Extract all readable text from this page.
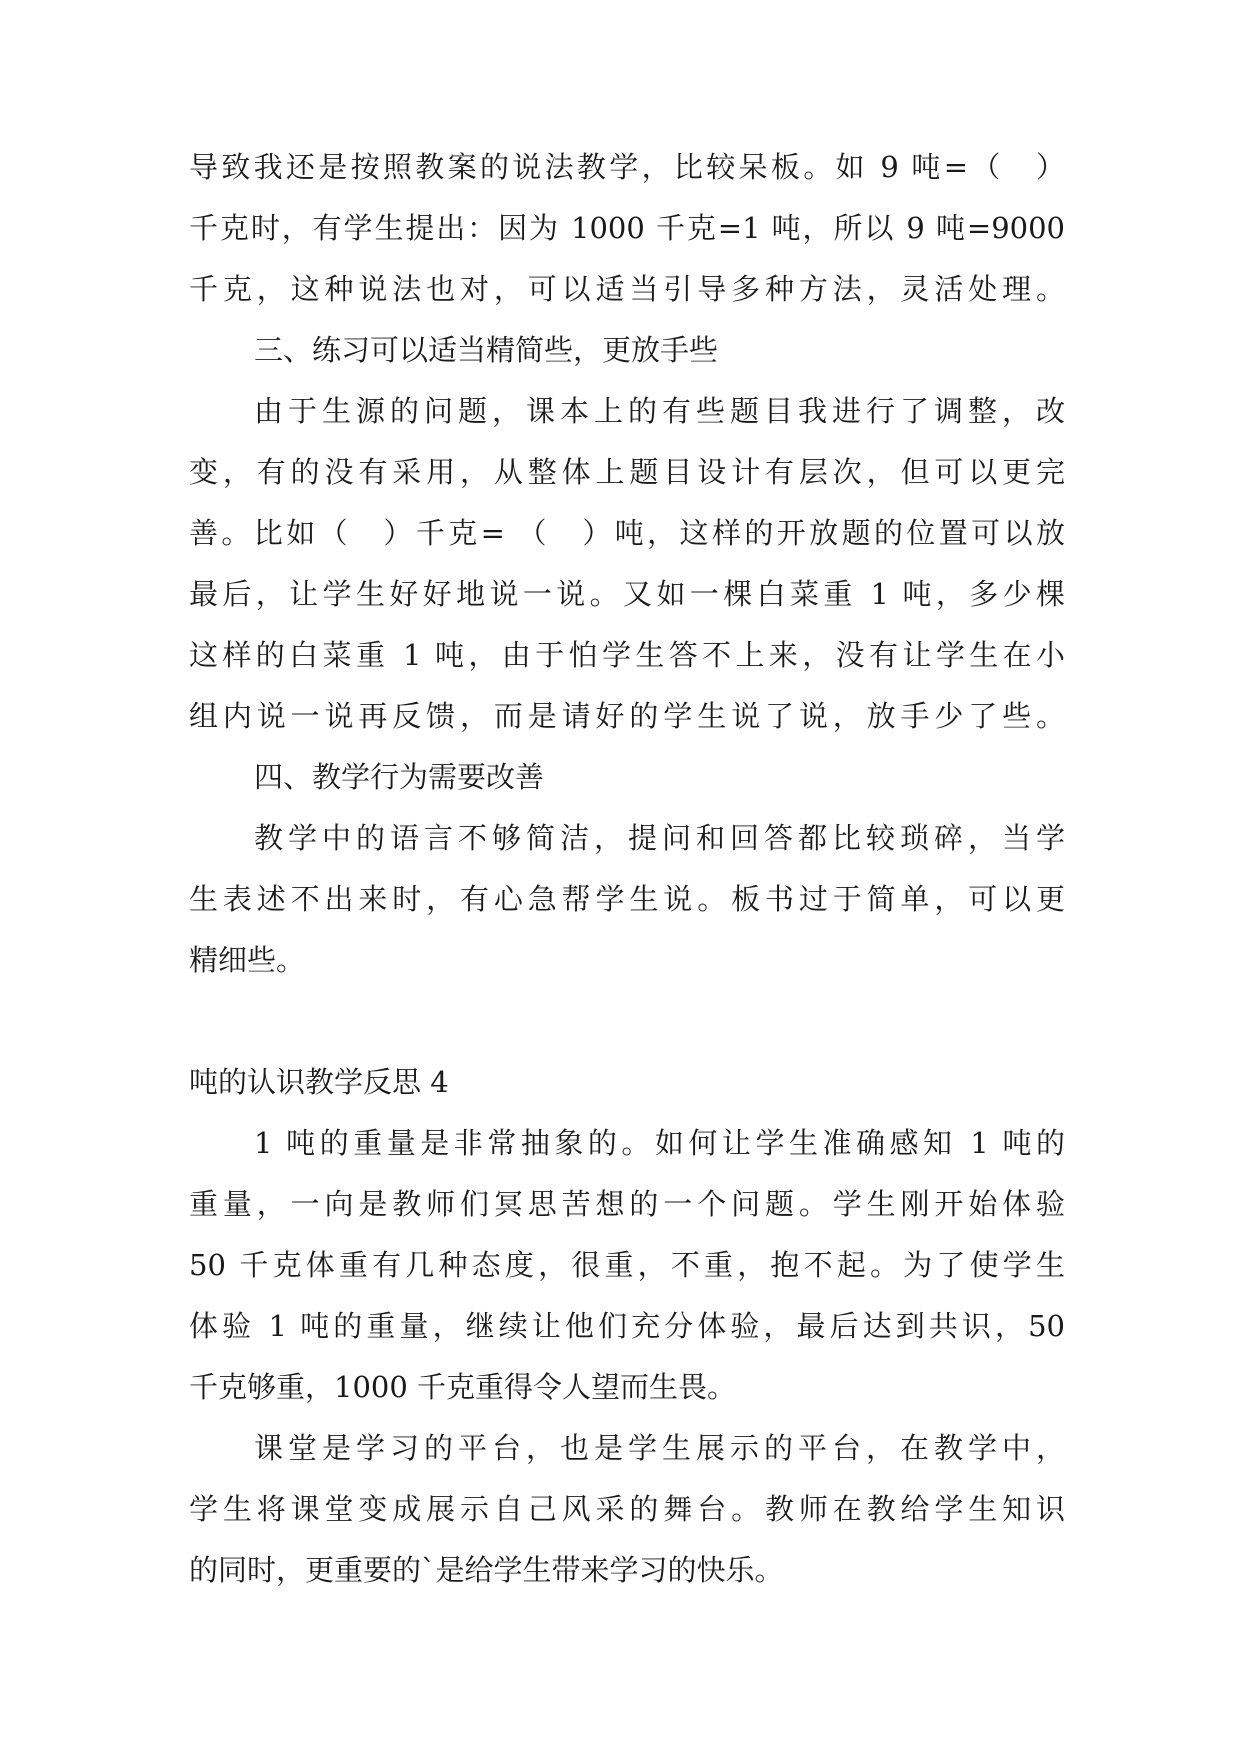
导致我还是按照教案的说法教学，比较呆板。如 9 吨=（　）
千克时，有学生提出：因为 1000 千克=1 吨，所以 9 吨=9000
千克，这种说法也对，可以适当引导多种方法，灵活处理。
三、练习可以适当精简些，更放手些
由于生源的问题，课本上的有些题目我进行了调整，改
变，有的没有采用，从整体上题目设计有层次，但可以更完
善。比如（　）千克= （　）吨，这样的开放题的位置可以放
最后，让学生好好地说一说。又如一棵白菜重 1 吨，多少棵
这样的白菜重 1 吨，由于怕学生答不上来，没有让学生在小
组内说一说再反馈，而是请好的学生说了说，放手少了些。
四、教学行为需要改善
教学中的语言不够简洁，提问和回答都比较琐碎，当学
生表述不出来时，有心急帮学生说。板书过于简单，可以更
精细些。
吨的认识教学反思 4
1 吨的重量是非常抽象的。如何让学生准确感知 1 吨的
重量，一向是教师们冥思苦想的一个问题。学生刚开始体验
50 千克体重有几种态度，很重，不重，抱不起。为了使学生
体验 1 吨的重量，继续让他们充分体验，最后达到共识，50
千克够重，1000 千克重得令人望而生畏。
课堂是学习的平台，也是学生展示的平台，在教学中，
学生将课堂变成展示自己风采的舞台。教师在教给学生知识
的同时，更重要的`是给学生带来学习的快乐。
